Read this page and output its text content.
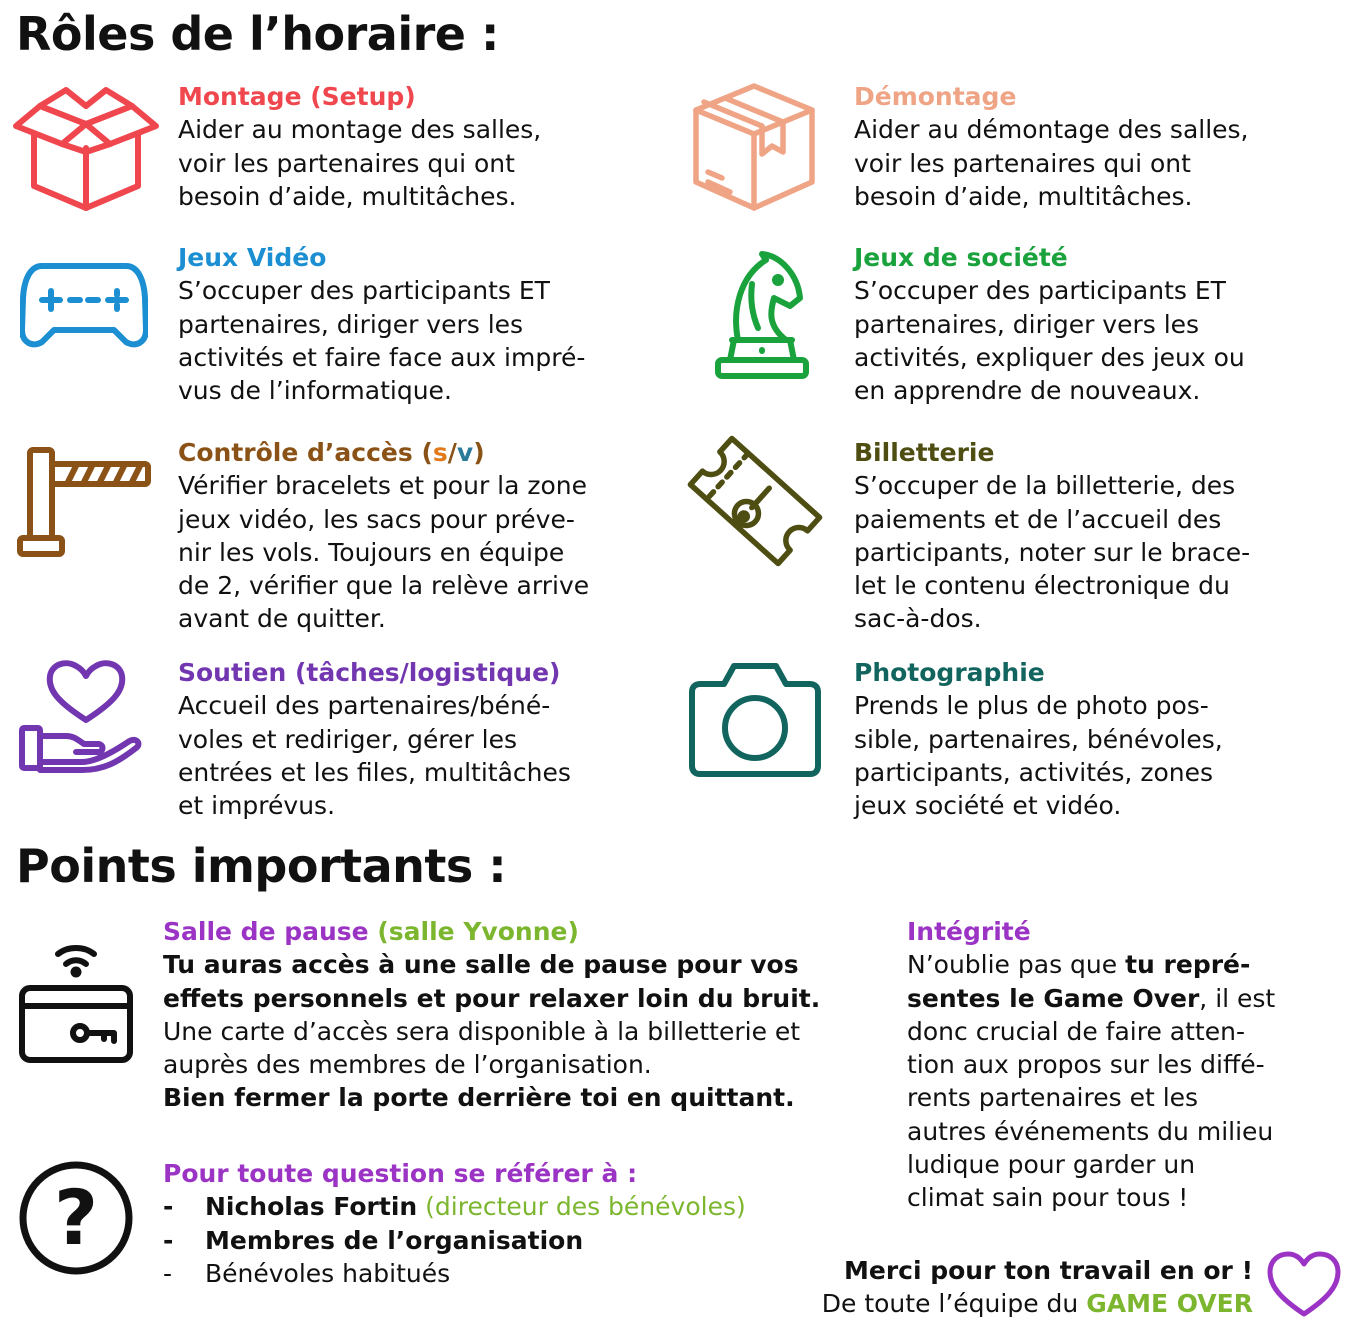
Rôles de l’horaire :
Montage (Setup)
Aider au montage des salles,
voir les partenaires qui ont
besoin d’aide, multitâches.
Démontage
Aider au démontage des salles,
voir les partenaires qui ont
besoin d’aide, multitâches.
Jeux Vidéo
S’occuper des participants ET
partenaires, diriger vers les
activités et faire face aux impré-
vus de l’informatique.
Jeux de société
S’occuper des participants ET
partenaires, diriger vers les
activités, expliquer des jeux ou
en apprendre de nouveaux.
Contrôle d’accès (s/v)
Vérifier bracelets et pour la zone
jeux vidéo, les sacs pour préve-
nir les vols. Toujours en équipe
de 2, vérifier que la relève arrive
avant de quitter.
Billetterie
S’occuper de la billetterie, des
paiements et de l’accueil des
participants, noter sur le brace-
let le contenu électronique du
sac-à-dos.
Soutien (tâches/logistique)
Accueil des partenaires/béné-
voles et rediriger, gérer les
entrées et les files, multitâches
et imprévus.
Photographie
Prends le plus de photo pos-
sible, partenaires, bénévoles,
participants, activités, zones
jeux société et vidéo.
Points importants :
Salle de pause (salle Yvonne)
Tu auras accès à une salle de pause pour vos
effets personnels et pour relaxer loin du bruit.
Une carte d’accès sera disponible à la billetterie et
auprès des membres de l’organisation.
Bien fermer la porte derrière toi en quittant.
Intégrité
N’oublie pas que tu repré-
sentes le Game Over, il est
donc crucial de faire atten-
tion aux propos sur les diffé-
rents partenaires et les
autres événements du milieu
ludique pour garder un
climat sain pour tous !
?	Pour toute question se référer à :
- Nicholas Fortin (directeur des bénévoles)
- Membres de l’organisation
- Bénévoles habitués	Merci pour ton travail en or !
De toute l’équipe du GAME OVER
